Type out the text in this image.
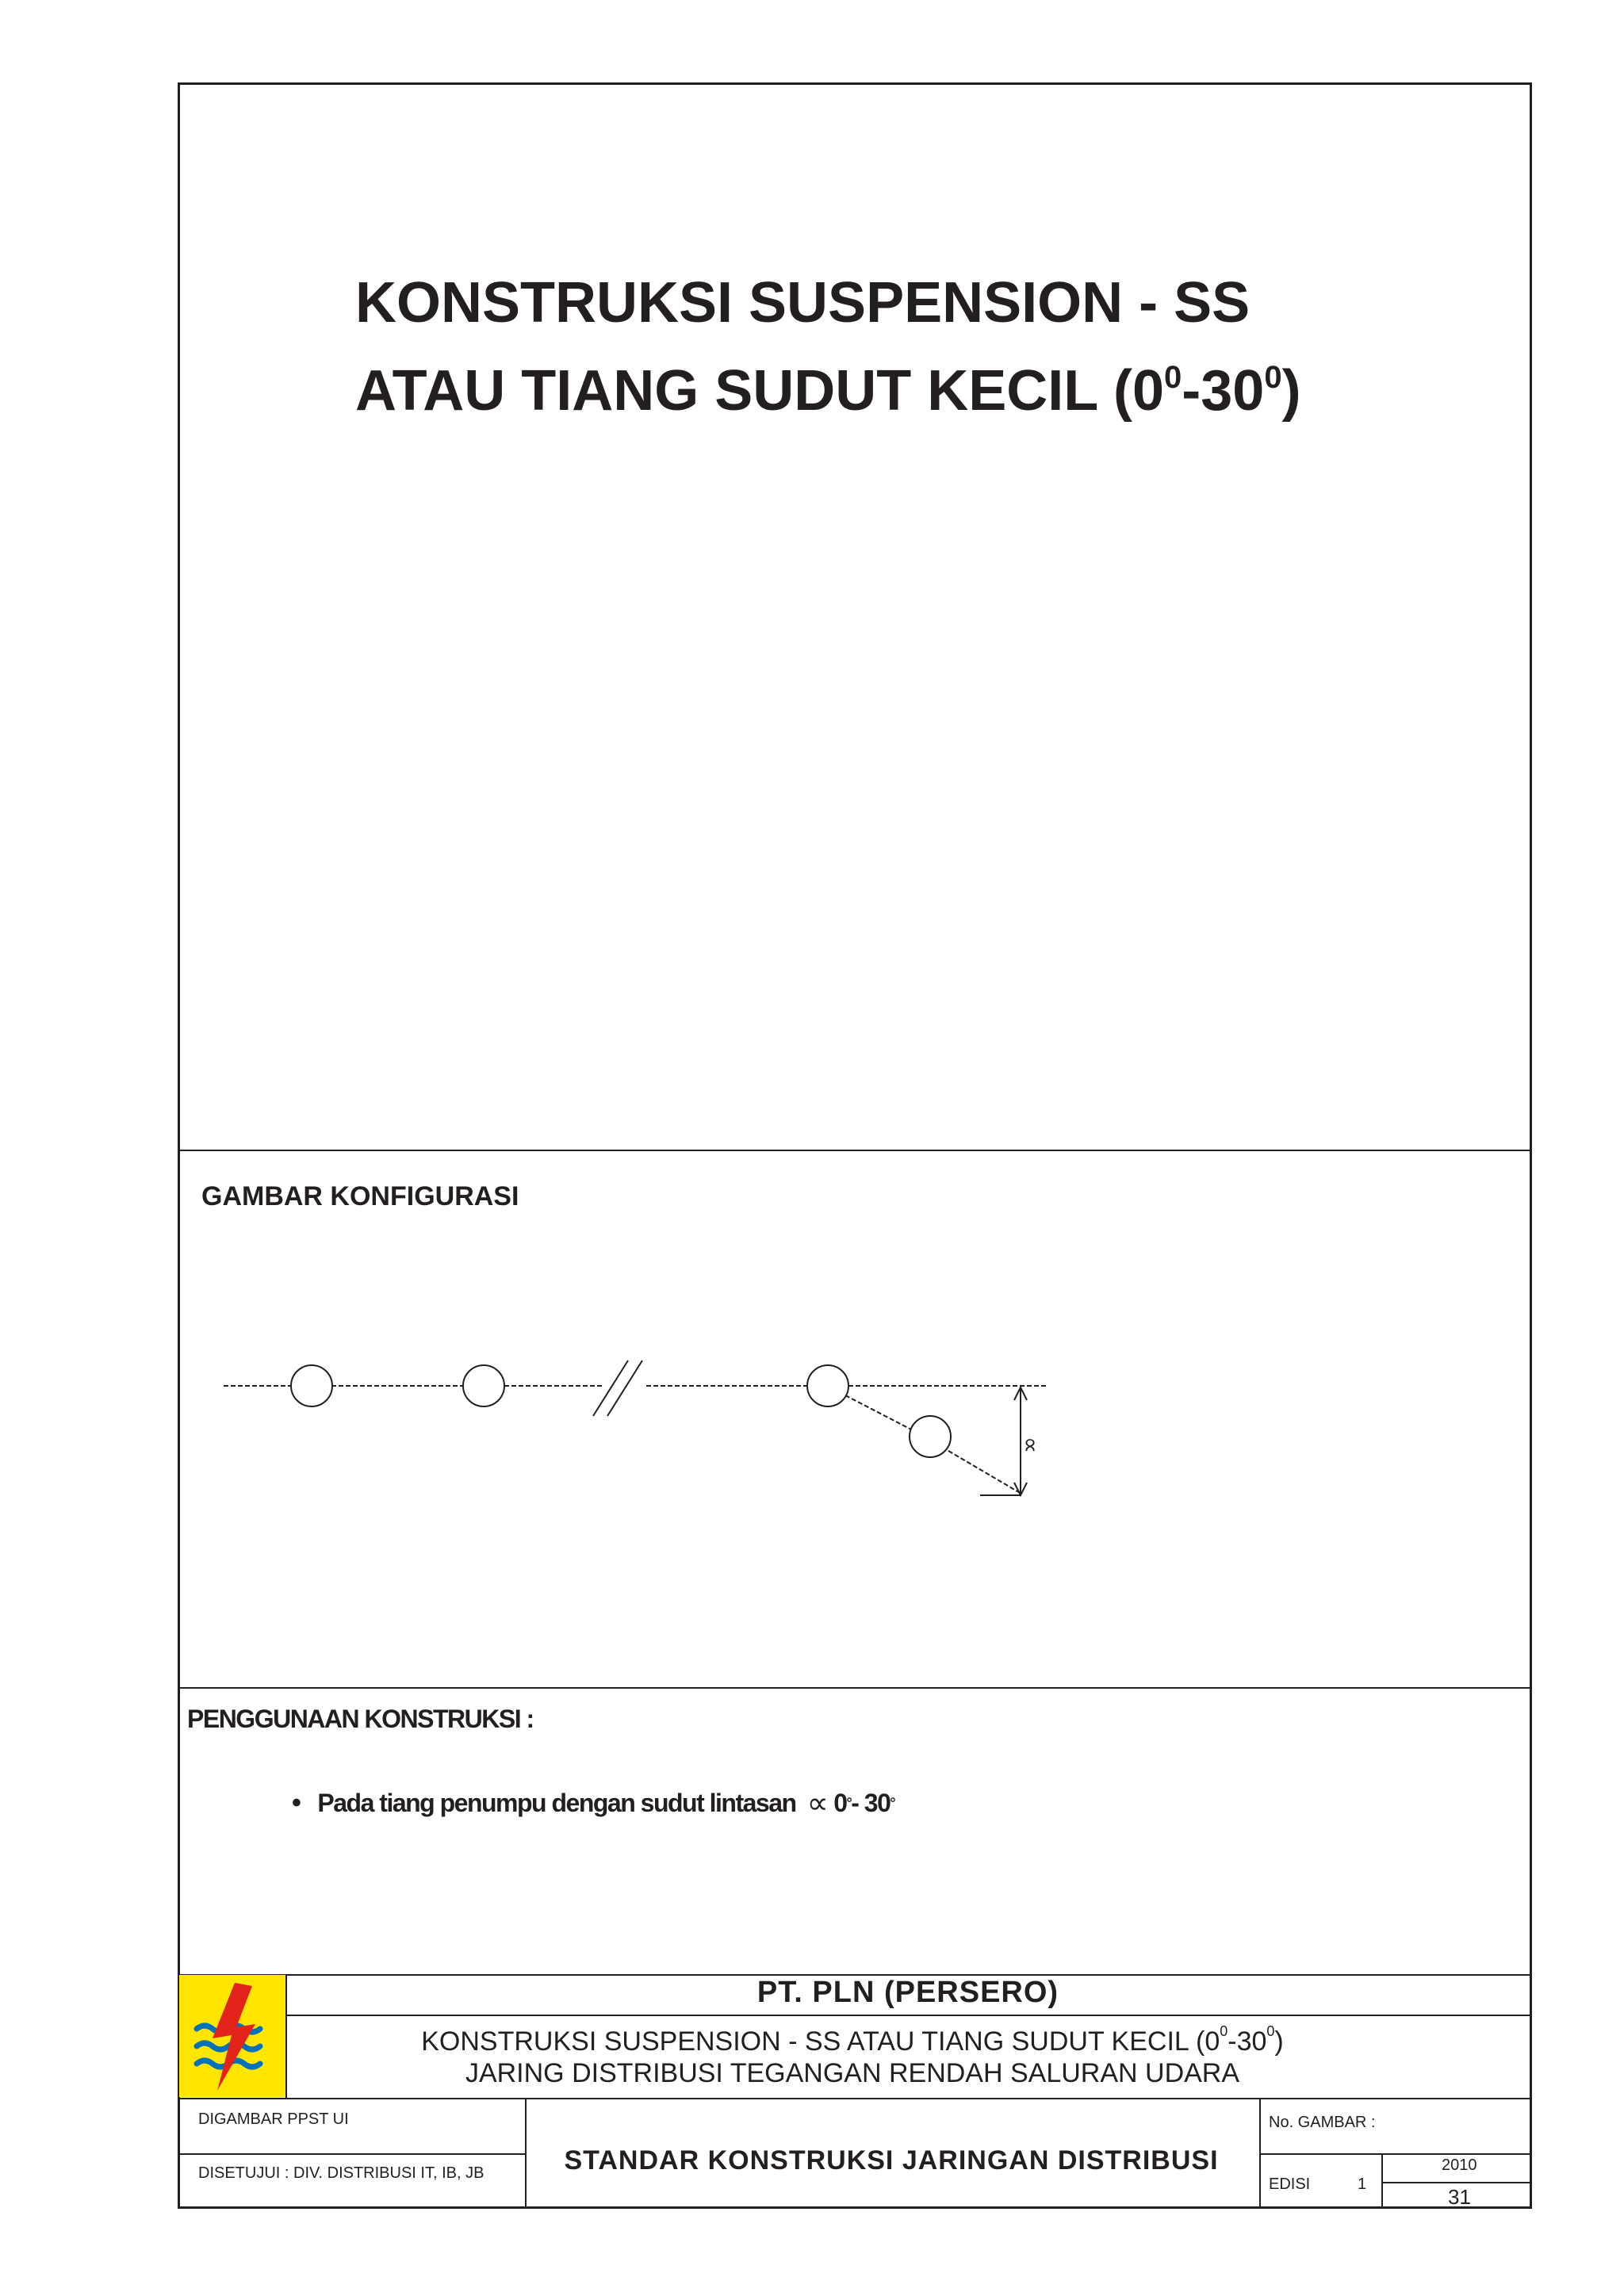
KONSTRUKSI SUSPENSION - SS
ATAU TIANG SUDUT KECIL $(0^0-30^0)$
GAMBAR KONFIGURASI
∝
PENGGUNAAN KONSTRUKSI :
• Pada tiang penumpu dengan sudut lintasan ∝ 0 ° - 30 °
PT. PLN (PERSERO)
KONSTRUKSI SUSPENSION - SS ATAU TIANG SUDUT KECIL $(0^0-30^0)$
JARING DISTRIBUSI TEGANGAN RENDAH SALURAN UDARA
DIGAMBAR PPST UI
DISETUJUI : DIV. DISTRIBUSI IT, IB, JB	STANDAR KONSTRUKSI JARINGAN DISTRIBUSI
No. GAMBAR :
EDISI	1
2010
31
